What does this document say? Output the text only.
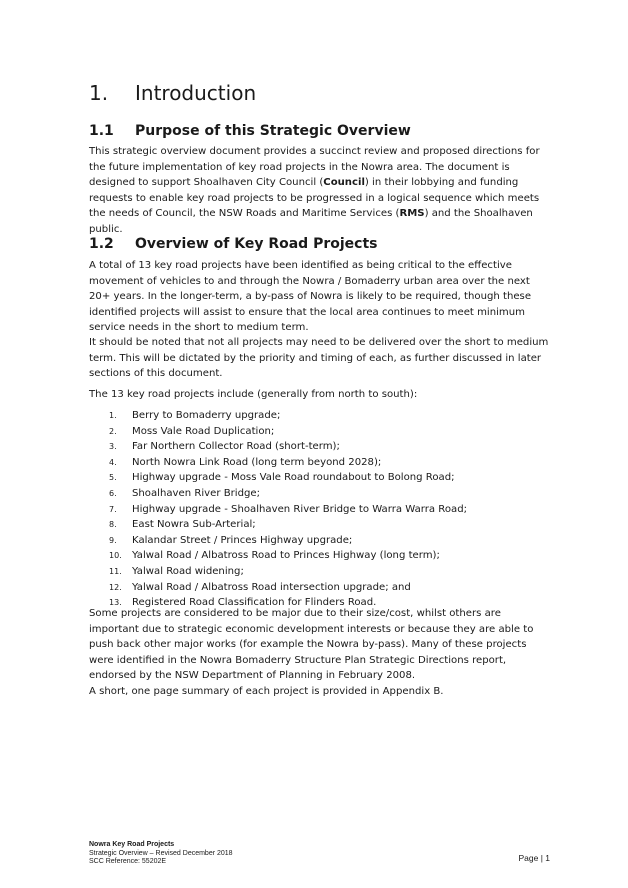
1.	Introduction
1.1	Purpose of this Strategic Overview

This strategic overview document provides a succinct review and proposed directions for the future implementation of key road projects in the Nowra area. The document is designed to support Shoalhaven City Council (Council) in their lobbying and funding requests to enable key road projects to be progressed in a logical sequence which meets the needs of Council, the NSW Roads and Maritime Services (RMS) and the Shoalhaven public.

1.2	Overview of Key Road Projects

A total of 13 key road projects have been identified as being critical to the effective movement of vehicles to and through the Nowra / Bomaderry urban area over the next 20+ years. In the longer-term, a by-pass of Nowra is likely to be required, though these identified projects will assist to ensure that the local area continues to meet minimum service needs in the short to medium term.

It should be noted that not all projects may need to be delivered over the short to medium term. This will be dictated by the priority and timing of each, as further discussed in later sections of this document.

The 13 key road projects include (generally from north to south):

1.	Berry to Bomaderry upgrade;
2.	Moss Vale Road Duplication;
3.	Far Northern Collector Road (short-term);
4.	North Nowra Link Road (long term beyond 2028);
5.	Highway upgrade - Moss Vale Road roundabout to Bolong Road;
6.	Shoalhaven River Bridge;
7.	Highway upgrade - Shoalhaven River Bridge to Warra Warra Road;
8.	East Nowra Sub-Arterial;
9.	Kalandar Street / Princes Highway upgrade;
10.	Yalwal Road / Albatross Road to Princes Highway (long term);
11.	Yalwal Road widening;
12.	Yalwal Road / Albatross Road intersection upgrade; and
13.	Registered Road Classification for Flinders Road.

Some projects are considered to be major due to their size/cost, whilst others are important due to strategic economic development interests or because they are able to push back other major works (for example the Nowra by-pass). Many of these projects were identified in the Nowra Bomaderry Structure Plan Strategic Directions report, endorsed by the NSW Department of Planning in February 2008.

A short, one page summary of each project is provided in Appendix B.

Nowra Key Road Projects
Strategic Overview – Revised December 2018
SCC Reference: 55202E	Page | 1
